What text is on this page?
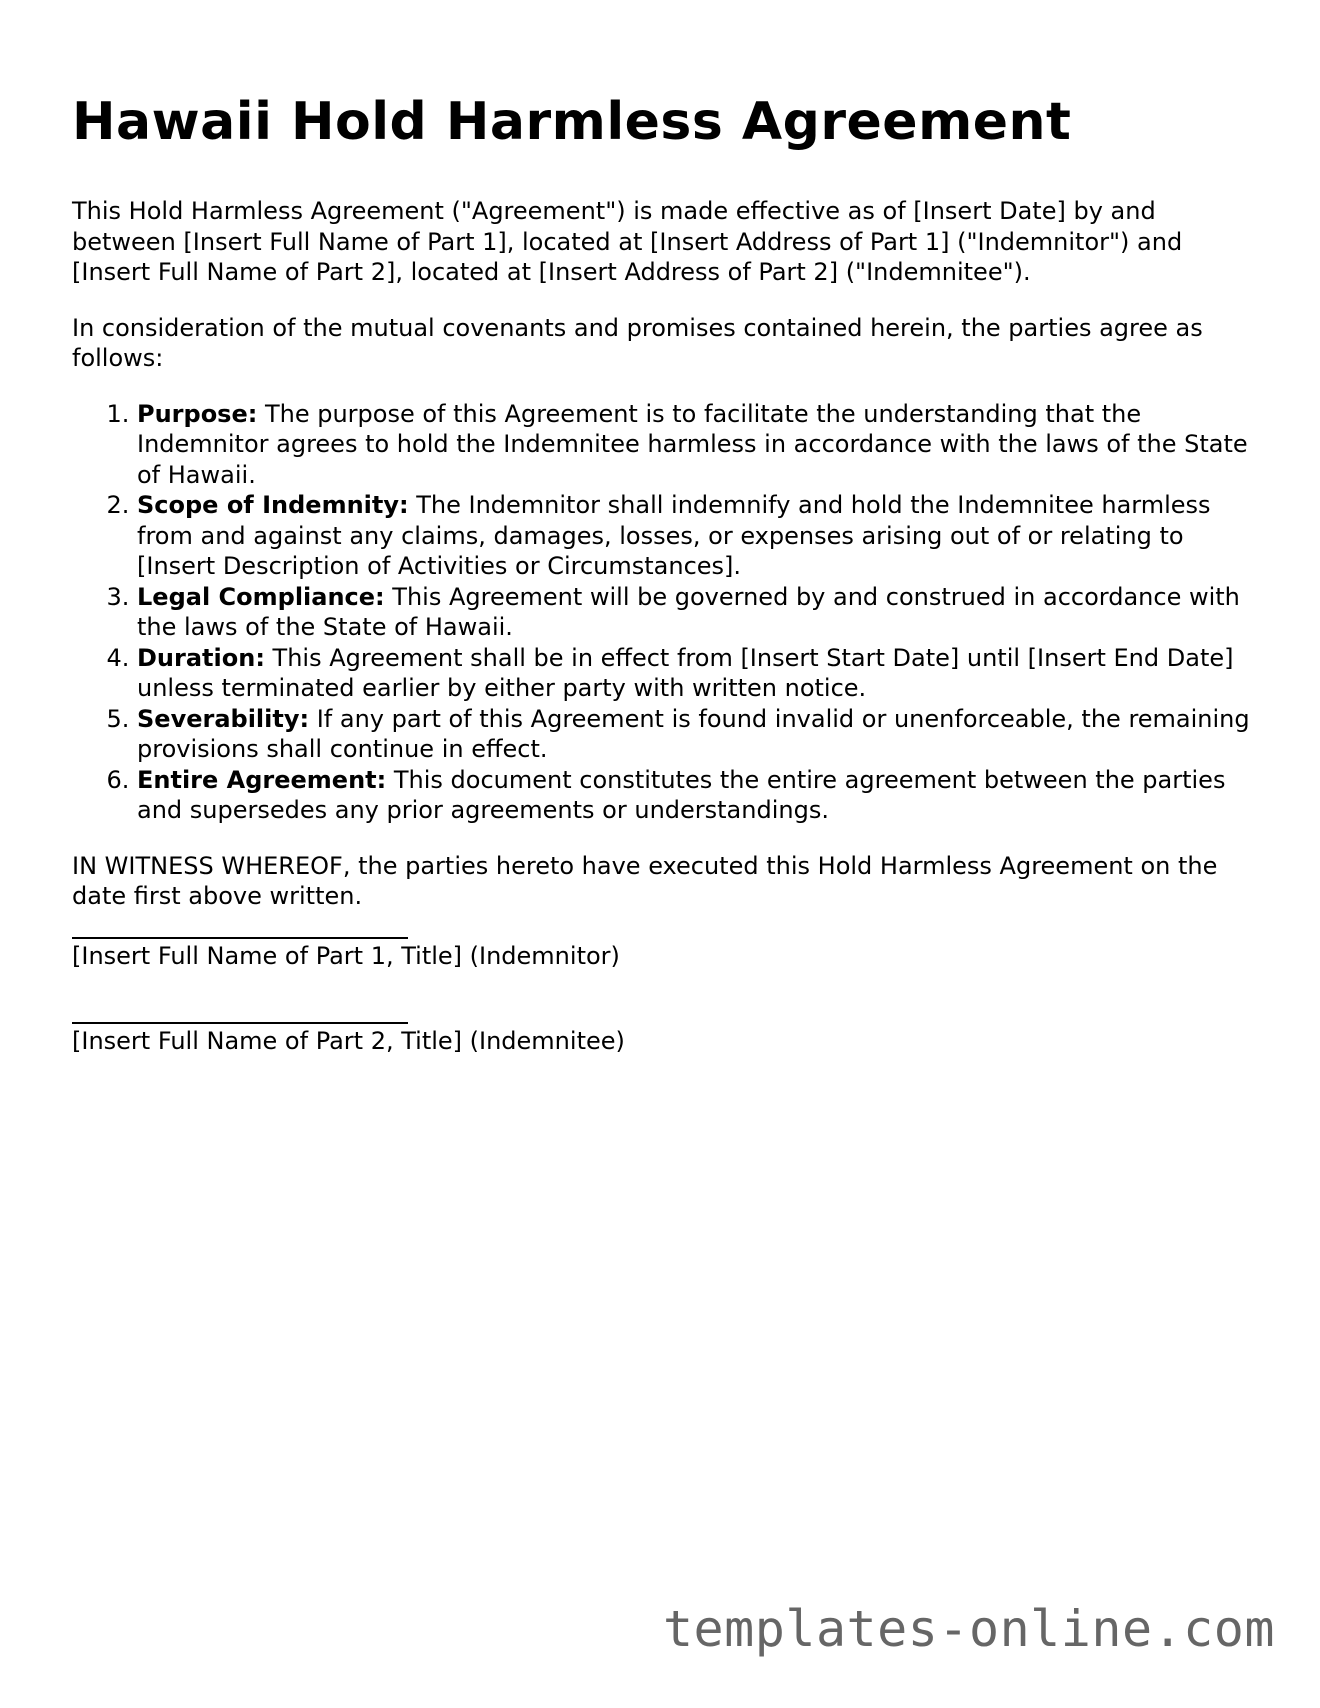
Hawaii Hold Harmless Agreement

This Hold Harmless Agreement ("Agreement") is made effective as of [Insert Date] by and between [Insert Full Name of Part 1], located at [Insert Address of Part 1] ("Indemnitor") and [Insert Full Name of Part 2], located at [Insert Address of Part 2] ("Indemnitee").

In consideration of the mutual covenants and promises contained herein, the parties agree as follows:

1. Purpose: The purpose of this Agreement is to facilitate the understanding that the Indemnitor agrees to hold the Indemnitee harmless in accordance with the laws of the State of Hawaii.
2. Scope of Indemnity: The Indemnitor shall indemnify and hold the Indemnitee harmless from and against any claims, damages, losses, or expenses arising out of or relating to [Insert Description of Activities or Circumstances].
3. Legal Compliance: This Agreement will be governed by and construed in accordance with the laws of the State of Hawaii.
4. Duration: This Agreement shall be in effect from [Insert Start Date] until [Insert End Date] unless terminated earlier by either party with written notice.
5. Severability: If any part of this Agreement is found invalid or unenforceable, the remaining provisions shall continue in effect.
6. Entire Agreement: This document constitutes the entire agreement between the parties and supersedes any prior agreements or understandings.

IN WITNESS WHEREOF, the parties hereto have executed this Hold Harmless Agreement on the date first above written.

[Insert Full Name of Part 1, Title] (Indemnitor)
[Insert Full Name of Part 2, Title] (Indemnitee)
templates-online.com
